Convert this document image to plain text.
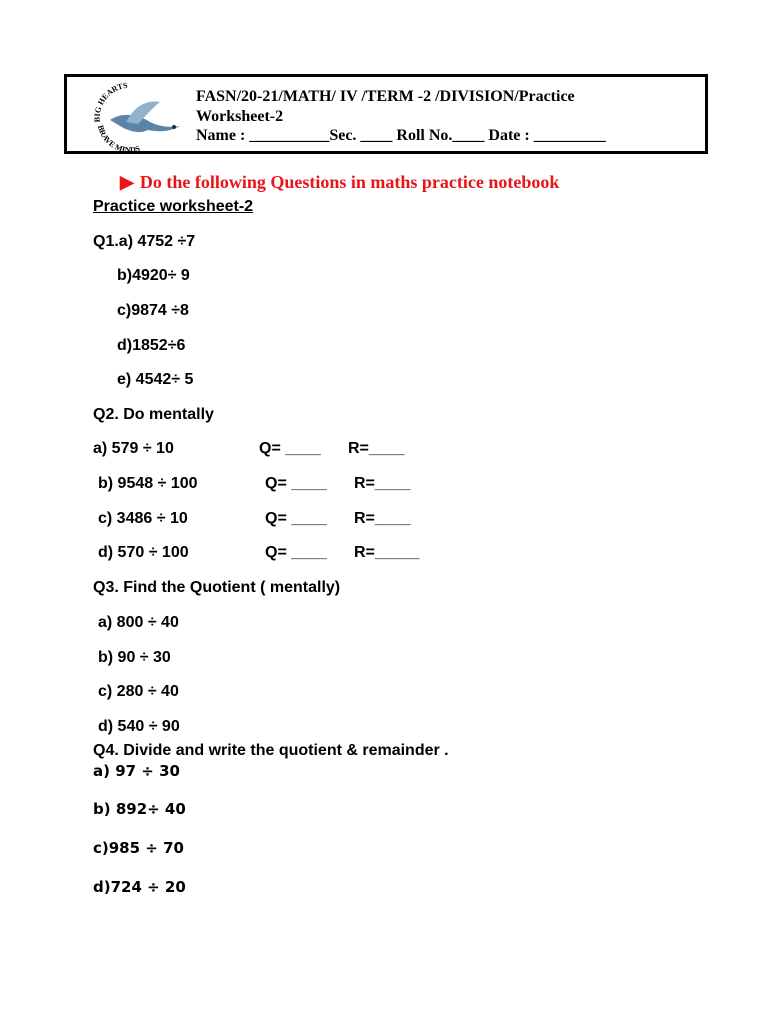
BIG HEARTS
BRAVE MINDS
FASN/20-21/MATH/ IV /TERM -2 /DIVISION/Practice
Worksheet-2
Name : __________Sec. ____ Roll No.____ Date : _________
▶ Do the following Questions in maths practice notebook
Practice worksheet-2
Q1.a) 4752 ÷7
b)4920÷ 9
c)9874 ÷8
d)1852÷6
e) 4542÷ 5
Q2. Do mentally
a) 579 ÷ 10	Q= ____ R=____
b) 9548 ÷ 100	Q= ____ R=____
c) 3486 ÷ 10	Q= ____ R=____
d) 570 ÷ 100	Q= ____ R=_____
Q3. Find the Quotient ( mentally)
a) 800 ÷ 40
b) 90 ÷ 30
c) 280 ÷ 40
d) 540 ÷ 90
Q4. Divide and write the quotient & remainder .
a) 97 ÷ 30
b) 892÷ 40
c)985 ÷ 70
d)724 ÷ 20
